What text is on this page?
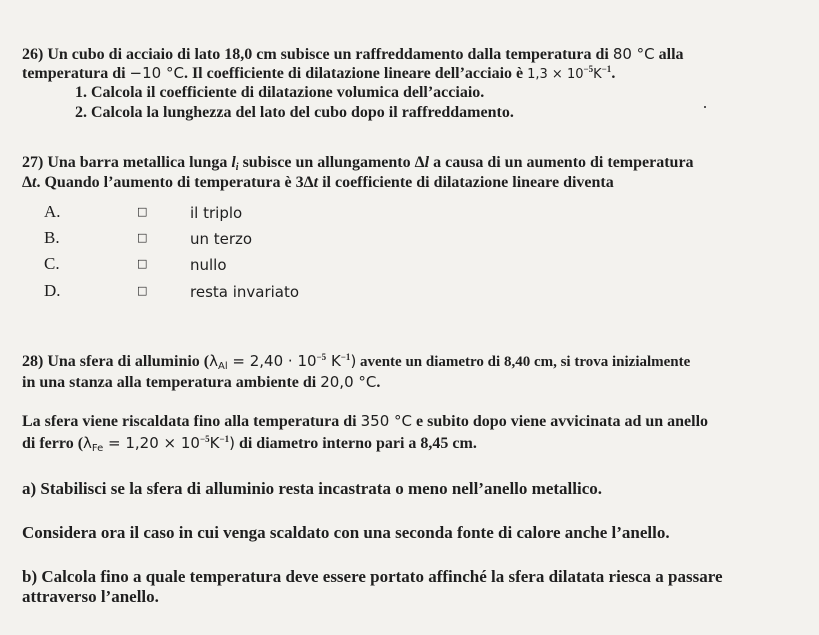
26) Un cubo di acciaio di lato 18,0 cm subisce un raffreddamento dalla temperatura di 80 °C alla
temperatura di −10 °C. Il coefficiente di dilatazione lineare dell’acciaio è $1,3 \times 10^{-5}K^{-1}$.
1. Calcola il coefficiente di dilatazione volumica dell’acciaio.
2. Calcola la lunghezza del lato del cubo dopo il raffreddamento.
27) Una barra metallica lunga $l_i$ subisce un allungamento Δl a causa di un aumento di temperatura
Δt. Quando l’aumento di temperatura è 3Δt il coefficiente di dilatazione lineare diventa
A.	□	il triplo
B.	□	un terzo
C.	□	nullo
D.	□	resta invariato
28) Una sfera di alluminio ($\lambda_{Al} = 2,40 \cdot 10^{-5}$ $K^{-1}$) avente un diametro di 8,40 cm, si trova inizialmente
in una stanza alla temperatura ambiente di 20,0 °C.
La sfera viene riscaldata fino alla temperatura di 350 °C e subito dopo viene avvicinata ad un anello
di ferro $(\lambda_{Fe} = 1,20 \times 10^{-5}K^{-1})$ di diametro interno pari a 8,45 cm.
a) Stabilisci se la sfera di alluminio resta incastrata o meno nell’anello metallico.
Considera ora il caso in cui venga scaldato con una seconda fonte di calore anche l’anello.
b) Calcola fino a quale temperatura deve essere portato affinché la sfera dilatata riesca a passare
attraverso l’anello.
